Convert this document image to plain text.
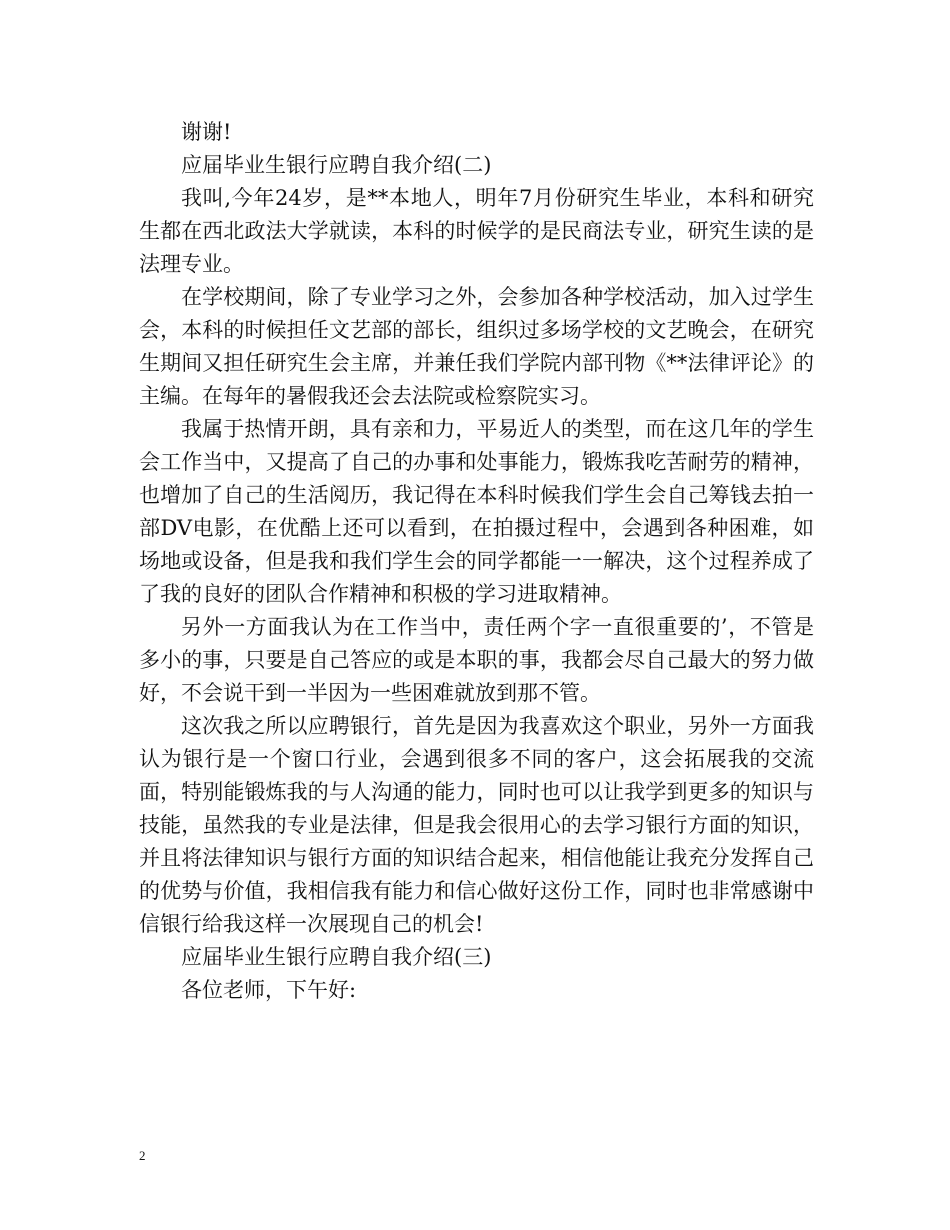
谢谢!

应届毕业生银行应聘自我介绍(二)

我叫,今年24岁，是**本地人，明年7月份研究生毕业，本科和研究生都在西北政法大学就读，本科的时候学的是民商法专业，研究生读的是法理专业。

在学校期间，除了专业学习之外，会参加各种学校活动，加入过学生会，本科的时候担任文艺部的部长，组织过多场学校的文艺晚会，在研究生期间又担任研究生会主席，并兼任我们学院内部刊物《**法律评论》的主编。在每年的暑假我还会去法院或检察院实习。

我属于热情开朗，具有亲和力，平易近人的类型，而在这几年的学生会工作当中，又提高了自己的办事和处事能力，锻炼我吃苦耐劳的精神，也增加了自己的生活阅历，我记得在本科时候我们学生会自己筹钱去拍一部DV电影，在优酷上还可以看到，在拍摄过程中，会遇到各种困难，如场地或设备，但是我和我们学生会的同学都能一一解决，这个过程养成了了我的良好的团队合作精神和积极的学习进取精神。

另外一方面我认为在工作当中，责任两个字一直很重要的’，不管是多小的事，只要是自己答应的或是本职的事，我都会尽自己最大的努力做好，不会说干到一半因为一些困难就放到那不管。

这次我之所以应聘银行，首先是因为我喜欢这个职业，另外一方面我认为银行是一个窗口行业，会遇到很多不同的客户，这会拓展我的交流面，特别能锻炼我的与人沟通的能力，同时也可以让我学到更多的知识与技能，虽然我的专业是法律，但是我会很用心的去学习银行方面的知识，并且将法律知识与银行方面的知识结合起来，相信他能让我充分发挥自己的优势与价值，我相信我有能力和信心做好这份工作，同时也非常感谢中信银行给我这样一次展现自己的机会!

应届毕业生银行应聘自我介绍(三)

各位老师，下午好:

2
